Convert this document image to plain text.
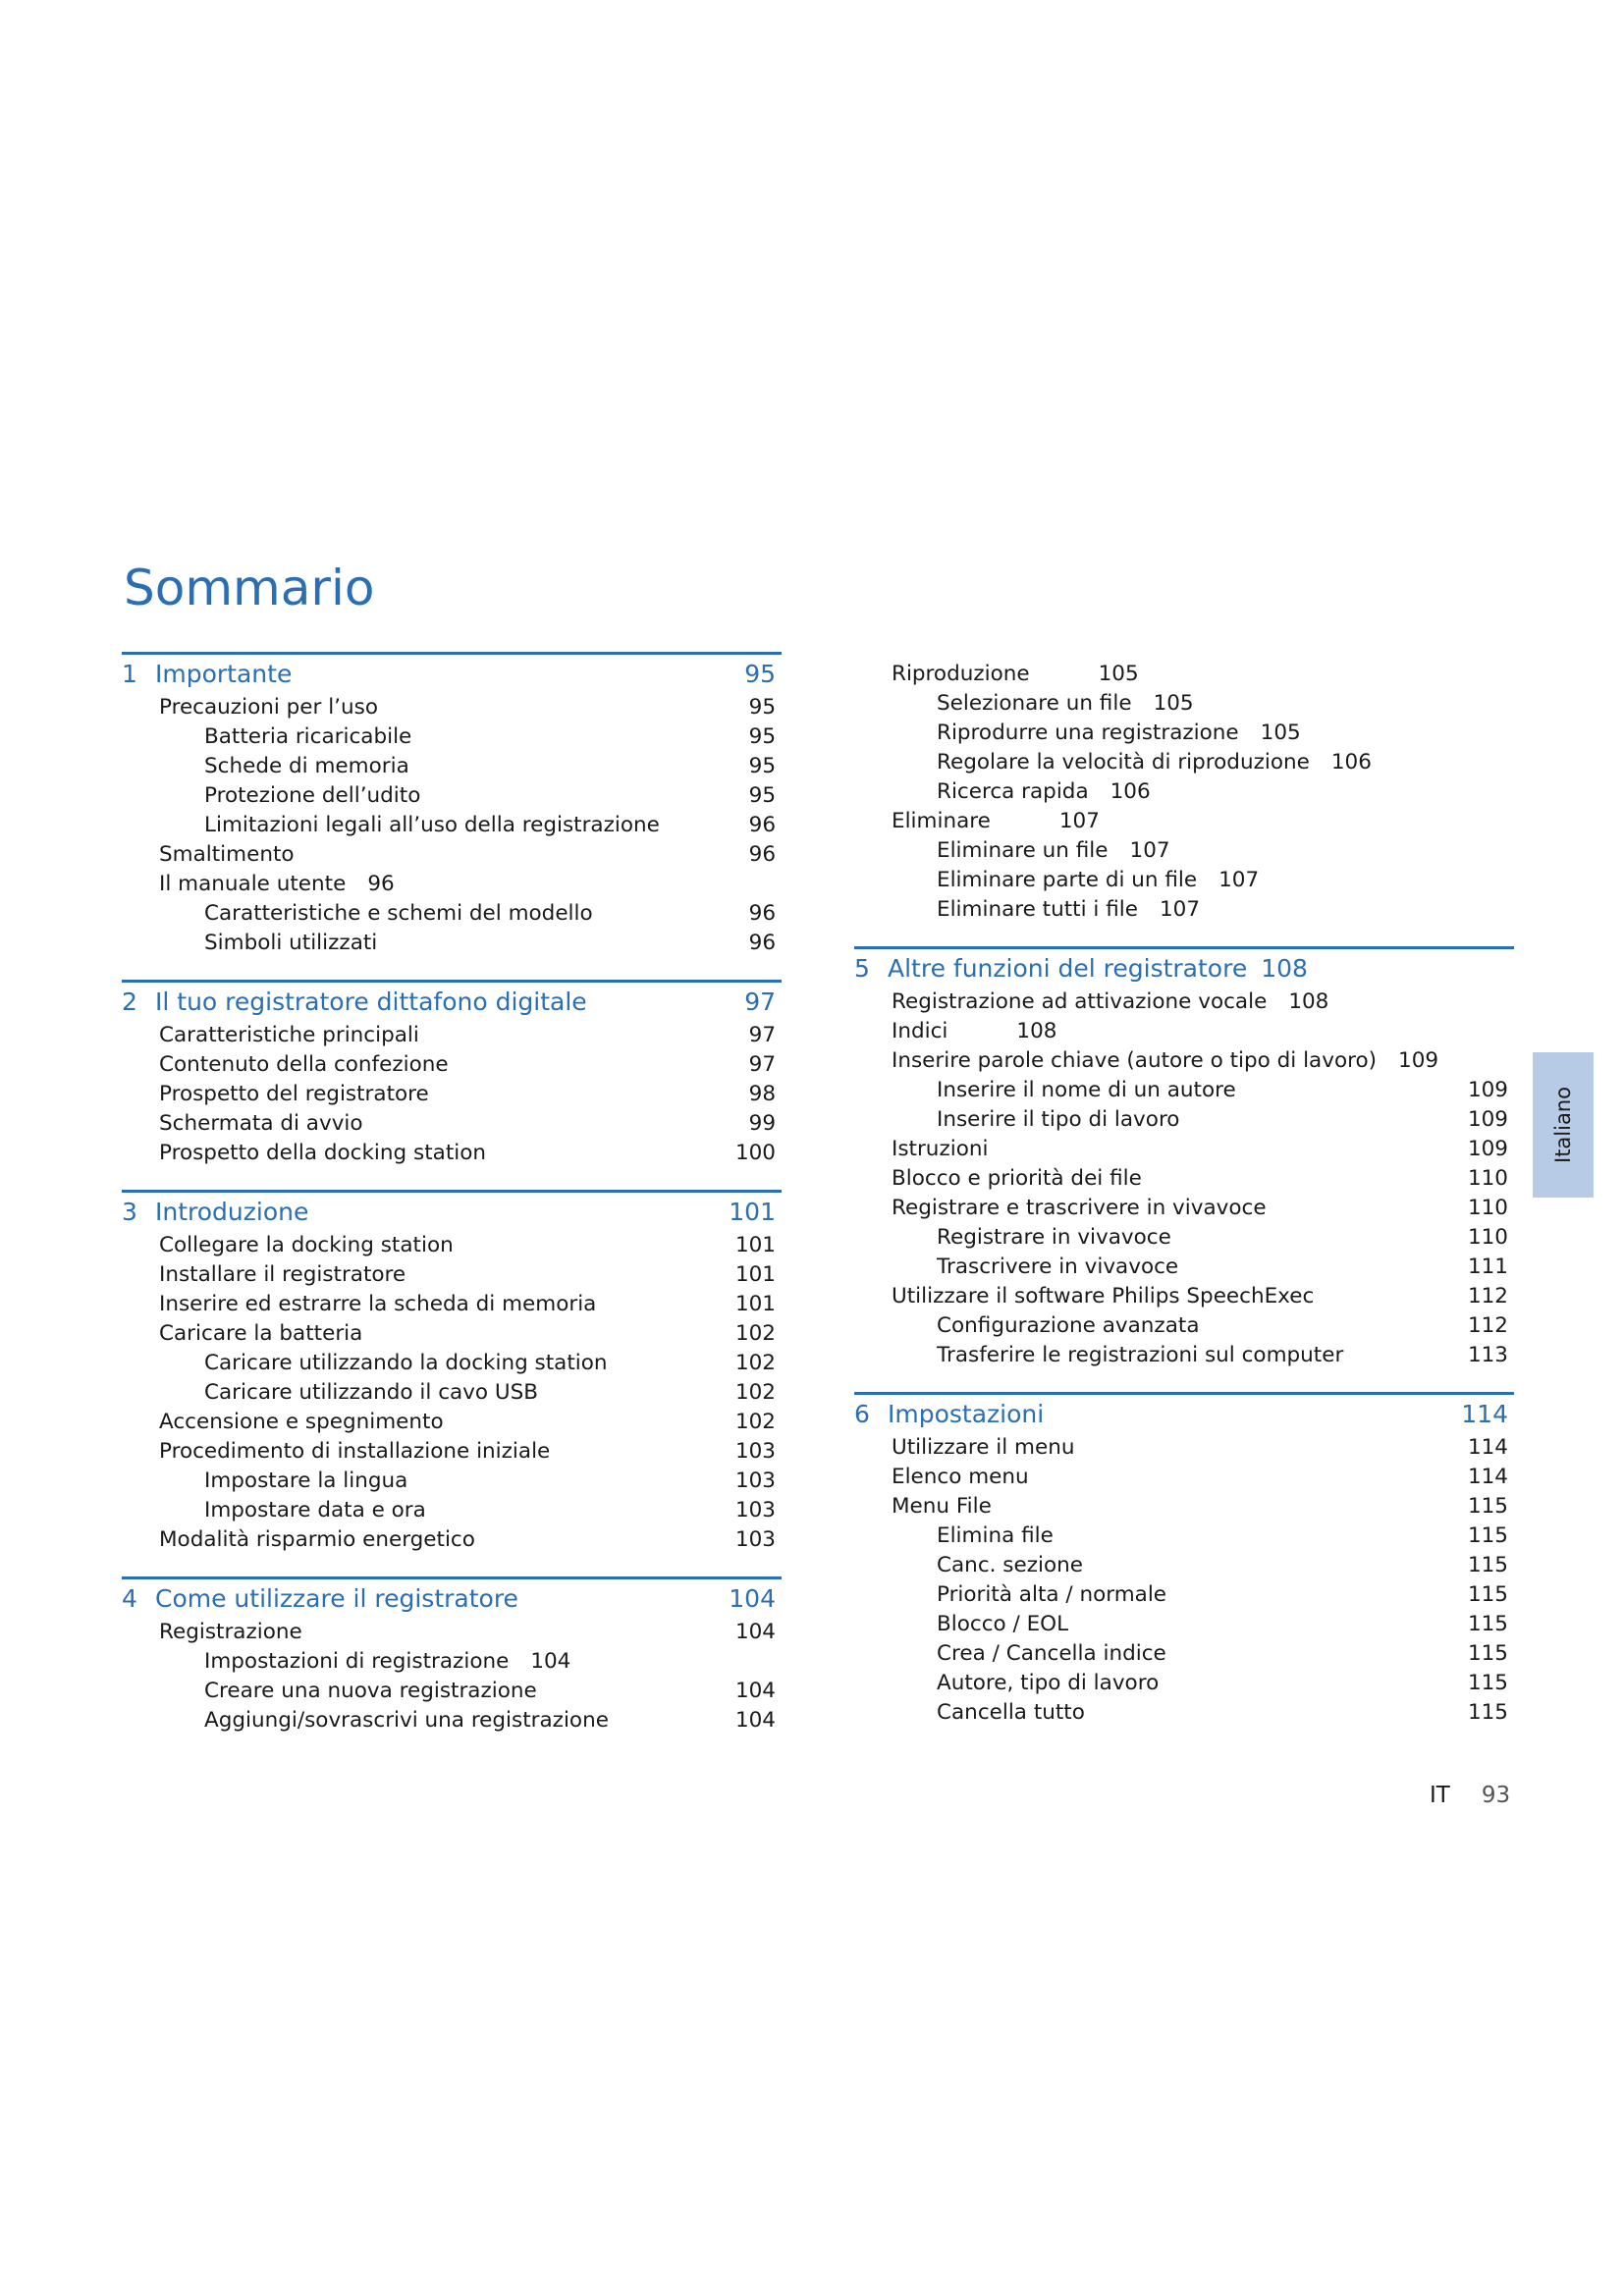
Sommario
1 Importante	95
Precauzioni per l’uso	95
Batteria ricaricabile	95
Schede di memoria	95
Protezione dell’udito	95
Limitazioni legali all’uso della registrazione	96
Smaltimento	96
Il manuale utente 96
Caratteristiche e schemi del modello	96
Simboli utilizzati	96
2 Il tuo registratore dittafono digitale	97
Caratteristiche principali	97
Contenuto della confezione	97
Prospetto del registratore	98
Schermata di avvio	99
Prospetto della docking station	100
3 Introduzione	101
Collegare la docking station	101
Installare il registratore	101
Inserire ed estrarre la scheda di memoria	101
Caricare la batteria	102
Caricare utilizzando la docking station	102
Caricare utilizzando il cavo USB	102
Accensione e spegnimento	102
Procedimento di installazione iniziale	103
Impostare la lingua	103
Impostare data e ora	103
Modalità risparmio energetico	103
4 Come utilizzare il registratore	104
Registrazione	104
Impostazioni di registrazione 104
Creare una nuova registrazione	104
Aggiungi/sovrascrivi una registrazione	104
Riproduzione	105
Selezionare un file 105
Riprodurre una registrazione 105
Regolare la velocità di riproduzione 106
Ricerca rapida 106
Eliminare	107
Eliminare un file 107
Eliminare parte di un file 107
Eliminare tutti i file 107
5 Altre funzioni del registratore 108
Registrazione ad attivazione vocale 108
Indici	108
Inserire parole chiave (autore o tipo di lavoro) 109
Inserire il nome di un autore	109
Inserire il tipo di lavoro	109
Istruzioni	109
Blocco e priorità dei file	110
Registrare e trascrivere in vivavoce	110
Registrare in vivavoce	110
Trascrivere in vivavoce	111
Utilizzare il software Philips SpeechExec	112
Configurazione avanzata	112
Trasferire le registrazioni sul computer	113
6 Impostazioni	114
Utilizzare il menu	114
Elenco menu	114
Menu File	115
Elimina file	115
Canc. sezione	115
Priorità alta / normale	115
Blocco / EOL	115
Crea / Cancella indice	115
Autore, tipo di lavoro	115
Cancella tutto	115
Italiano
IT 93
